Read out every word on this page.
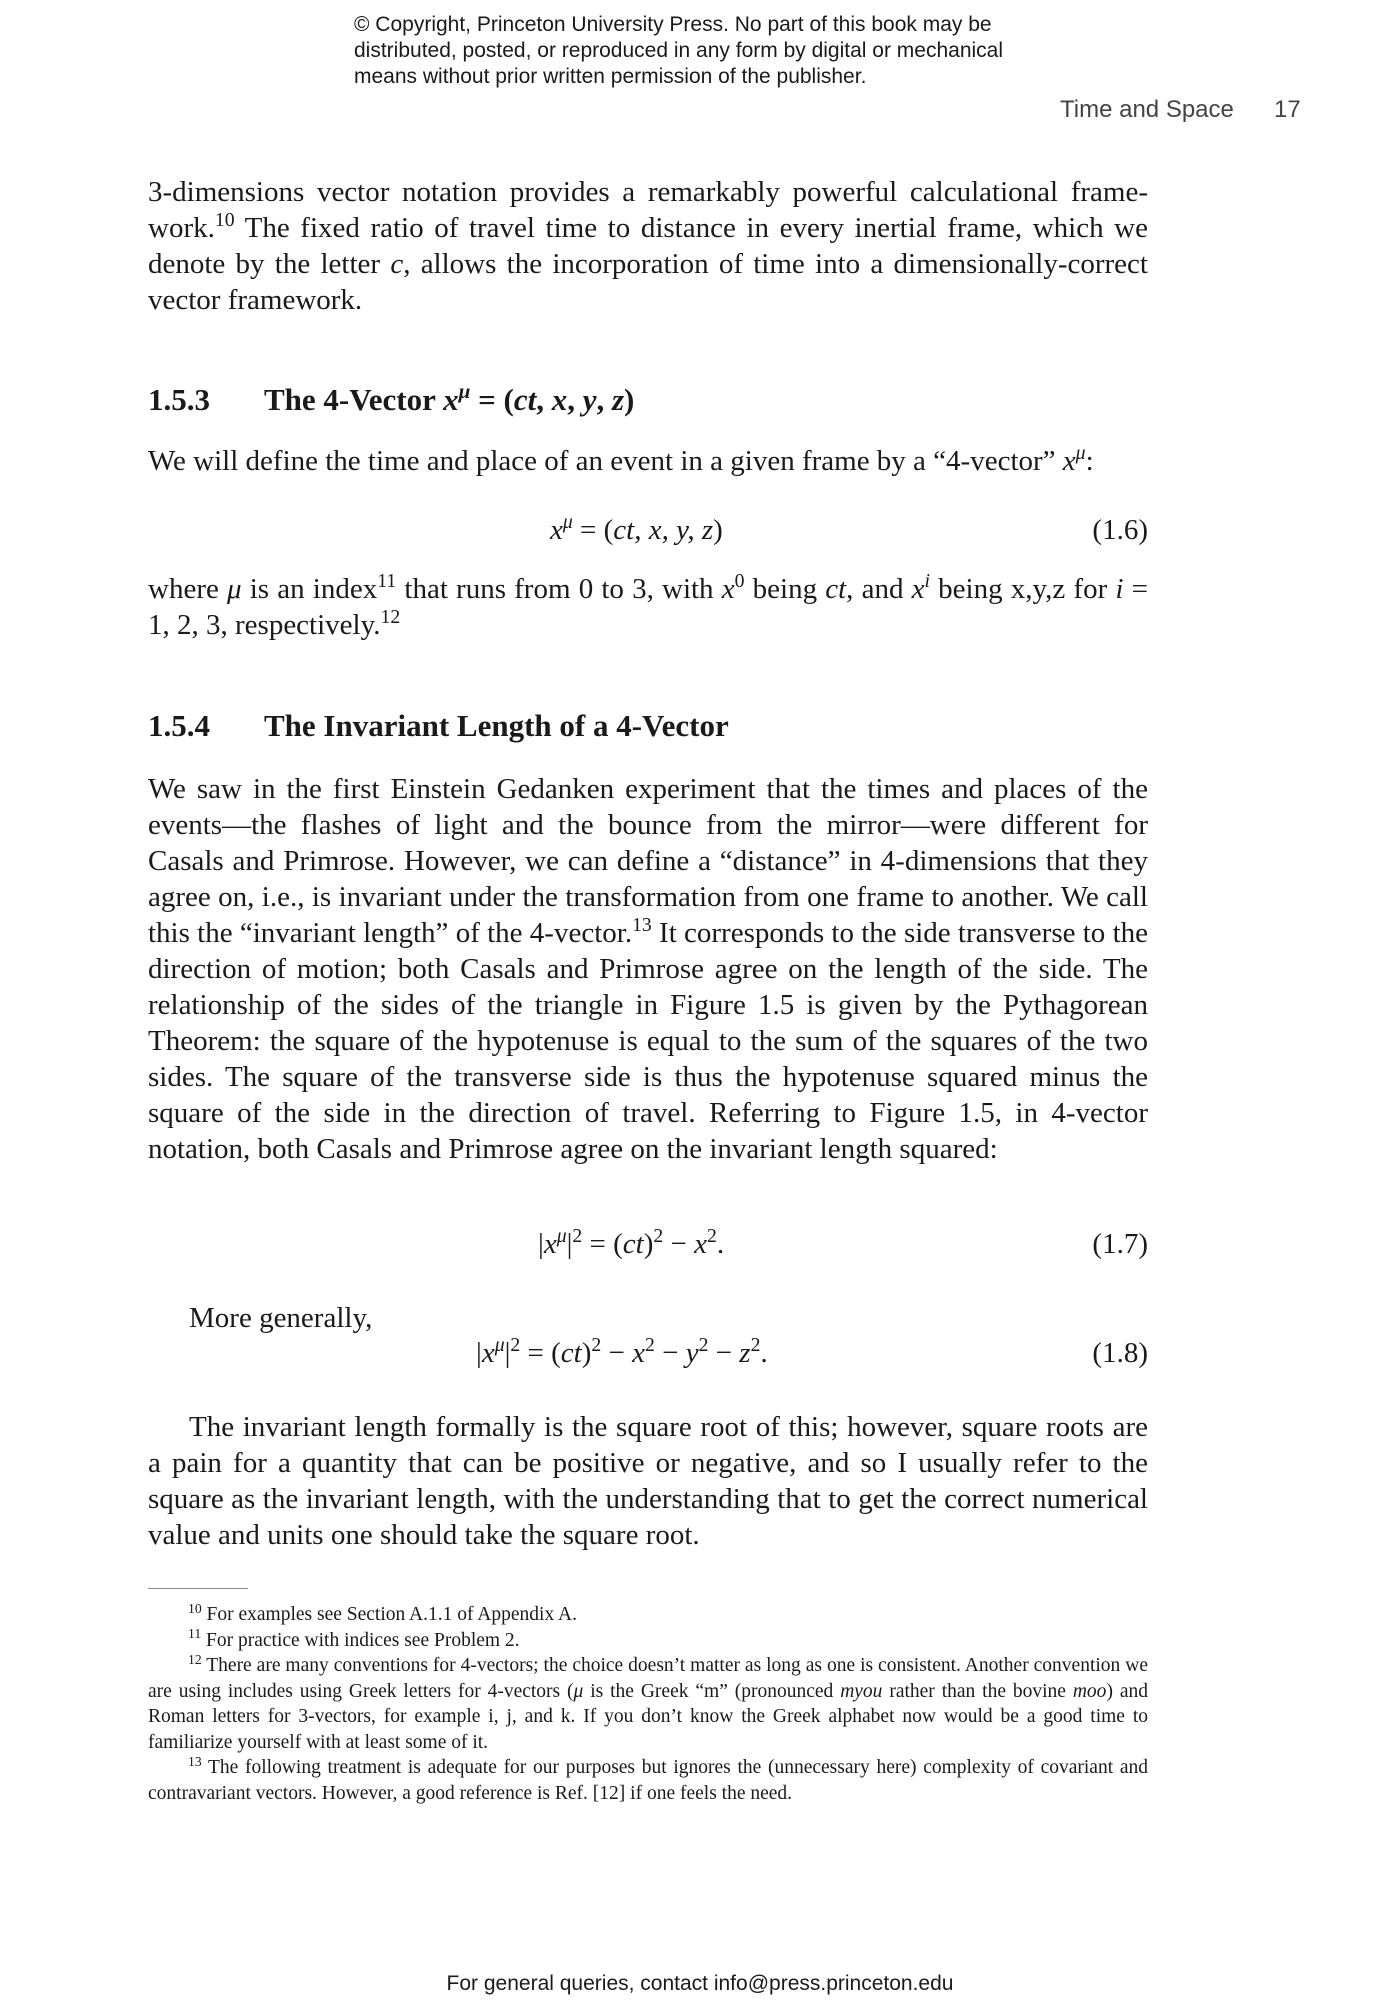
© Copyright, Princeton University Press. No part of this book may be
distributed, posted, or reproduced in any form by digital or mechanical
means without prior written permission of the publisher.
Time and Space 17

3-dimensions vector notation provides a remarkably powerful calculational frame-work.$^{10}$ The fixed ratio of travel time to distance in every inertial frame, which we denote by the letter c, allows the incorporation of time into a dimensionally-correct vector framework.

1.5.3 The 4-Vector $x^\mu = (ct$, x, y, z)

We will define the time and place of an event in a given frame by a “4-vector” $x^\mu$:

$x^\mu = (ct$, x, y, z)	(1.6)

where μ is an index$^{11}$ that runs from 0 to 3, with $x^0$ being ct, and $x^i$ being x,y,z for i = 1, 2, 3, respectively.$^{12}$

1.5.4 The Invariant Length of a 4-Vector

We saw in the first Einstein Gedanken experiment that the times and places of the events—the flashes of light and the bounce from the mirror—were different for Casals and Primrose. However, we can define a “distance” in 4-dimensions that they agree on, i.e., is invariant under the transformation from one frame to another. We call this the “invariant length” of the 4-vector.$^{13}$ It corresponds to the side transverse to the direction of motion; both Casals and Primrose agree on the length of the side. The relationship of the sides of the triangle in Figure 1.5 is given by the Pythagorean Theorem: the square of the hypotenuse is equal to the sum of the squares of the two sides. The square of the transverse side is thus the hypotenuse squared minus the square of the side in the direction of travel. Referring to Figure 1.5, in 4-vector notation, both Casals and Primrose agree on the invariant length squared:

$|x^\mu|^2 = (ct)^2 - x^2$.	(1.7)

More generally,

$|x^\mu|^2 = (ct)^2 - x^2 - y^2 - z^2$.	(1.8)

The invariant length formally is the square root of this; however, square roots are a pain for a quantity that can be positive or negative, and so I usually refer to the square as the invariant length, with the understanding that to get the correct numerical value and units one should take the square root.

$^{10}$ For examples see Section A.1.1 of Appendix A.

$^{11}$ For practice with indices see Problem 2.

$^{12}$ There are many conventions for 4-vectors; the choice doesn’t matter as long as one is consistent. Another convention we are using includes using Greek letters for 4-vectors (μ is the Greek “m” (pronounced myou rather than the bovine moo) and Roman letters for 3-vectors, for example i, j, and k. If you don’t know the Greek alphabet now would be a good time to familiarize yourself with at least some of it.

$^{13}$ The following treatment is adequate for our purposes but ignores the (unnecessary here) complexity of covariant and contravariant vectors. However, a good reference is Ref. [12] if one feels the need.

For general queries, contact info@press.princeton.edu
